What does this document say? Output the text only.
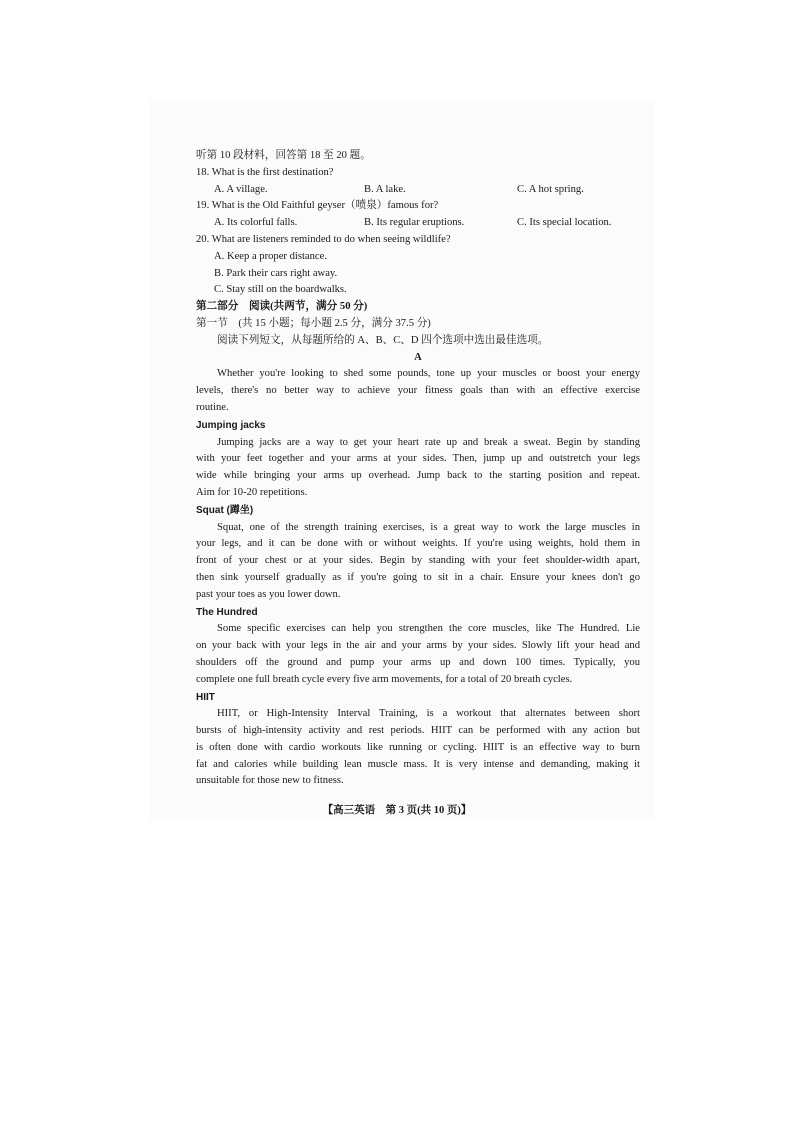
听第 10 段材料，回答第 18 至 20 题。
18. What is the first destination?
A. A village.	B. A lake.	C. A hot spring.
19. What is the Old Faithful geyser（喷泉）famous for?
A. Its colorful falls.	B. Its regular eruptions.	C. Its special location.
20. What are listeners reminded to do when seeing wildlife?
A. Keep a proper distance.
B. Park their cars right away.
C. Stay still on the boardwalks.
第二部分　阅读(共两节，满分 50 分)
第一节　(共 15 小题；每小题 2.5 分，满分 37.5 分)
阅读下列短文，从每题所给的 A、B、C、D 四个选项中选出最佳选项。
A
Whether you're looking to shed some pounds, tone up your muscles or boost your energy
levels, there's no better way to achieve your fitness goals than with an effective exercise
routine.
Jumping jacks
Jumping jacks are a way to get your heart rate up and break a sweat. Begin by standing
with your feet together and your arms at your sides. Then, jump up and outstretch your legs
wide while bringing your arms up overhead. Jump back to the starting position and repeat.
Aim for 10-20 repetitions.
Squat (蹲坐)
Squat, one of the strength training exercises, is a great way to work the large muscles in
your legs, and it can be done with or without weights. If you're using weights, hold them in
front of your chest or at your sides. Begin by standing with your feet shoulder-width apart,
then sink yourself gradually as if you're going to sit in a chair. Ensure your knees don't go
past your toes as you lower down.
The Hundred
Some specific exercises can help you strengthen the core muscles, like The Hundred. Lie
on your back with your legs in the air and your arms by your sides. Slowly lift your head and
shoulders off the ground and pump your arms up and down 100 times. Typically, you
complete one full breath cycle every five arm movements, for a total of 20 breath cycles.
HIIT
HIIT, or High-Intensity Interval Training, is a workout that alternates between short
bursts of high-intensity activity and rest periods. HIIT can be performed with any action but
is often done with cardio workouts like running or cycling. HIIT is an effective way to burn
fat and calories while building lean muscle mass. It is very intense and demanding, making it
unsuitable for those new to fitness.
【高三英语　第 3 页(共 10 页)】
